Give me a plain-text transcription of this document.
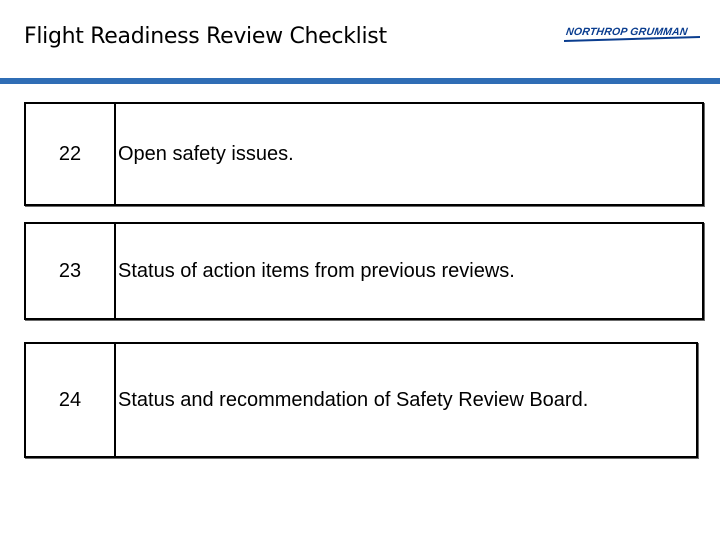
Flight Readiness Review Checklist	NORTHROP GRUMMAN
22	Open safety issues.
23	Status of action items from previous reviews.
24	Status and recommendation of Safety Review Board.
